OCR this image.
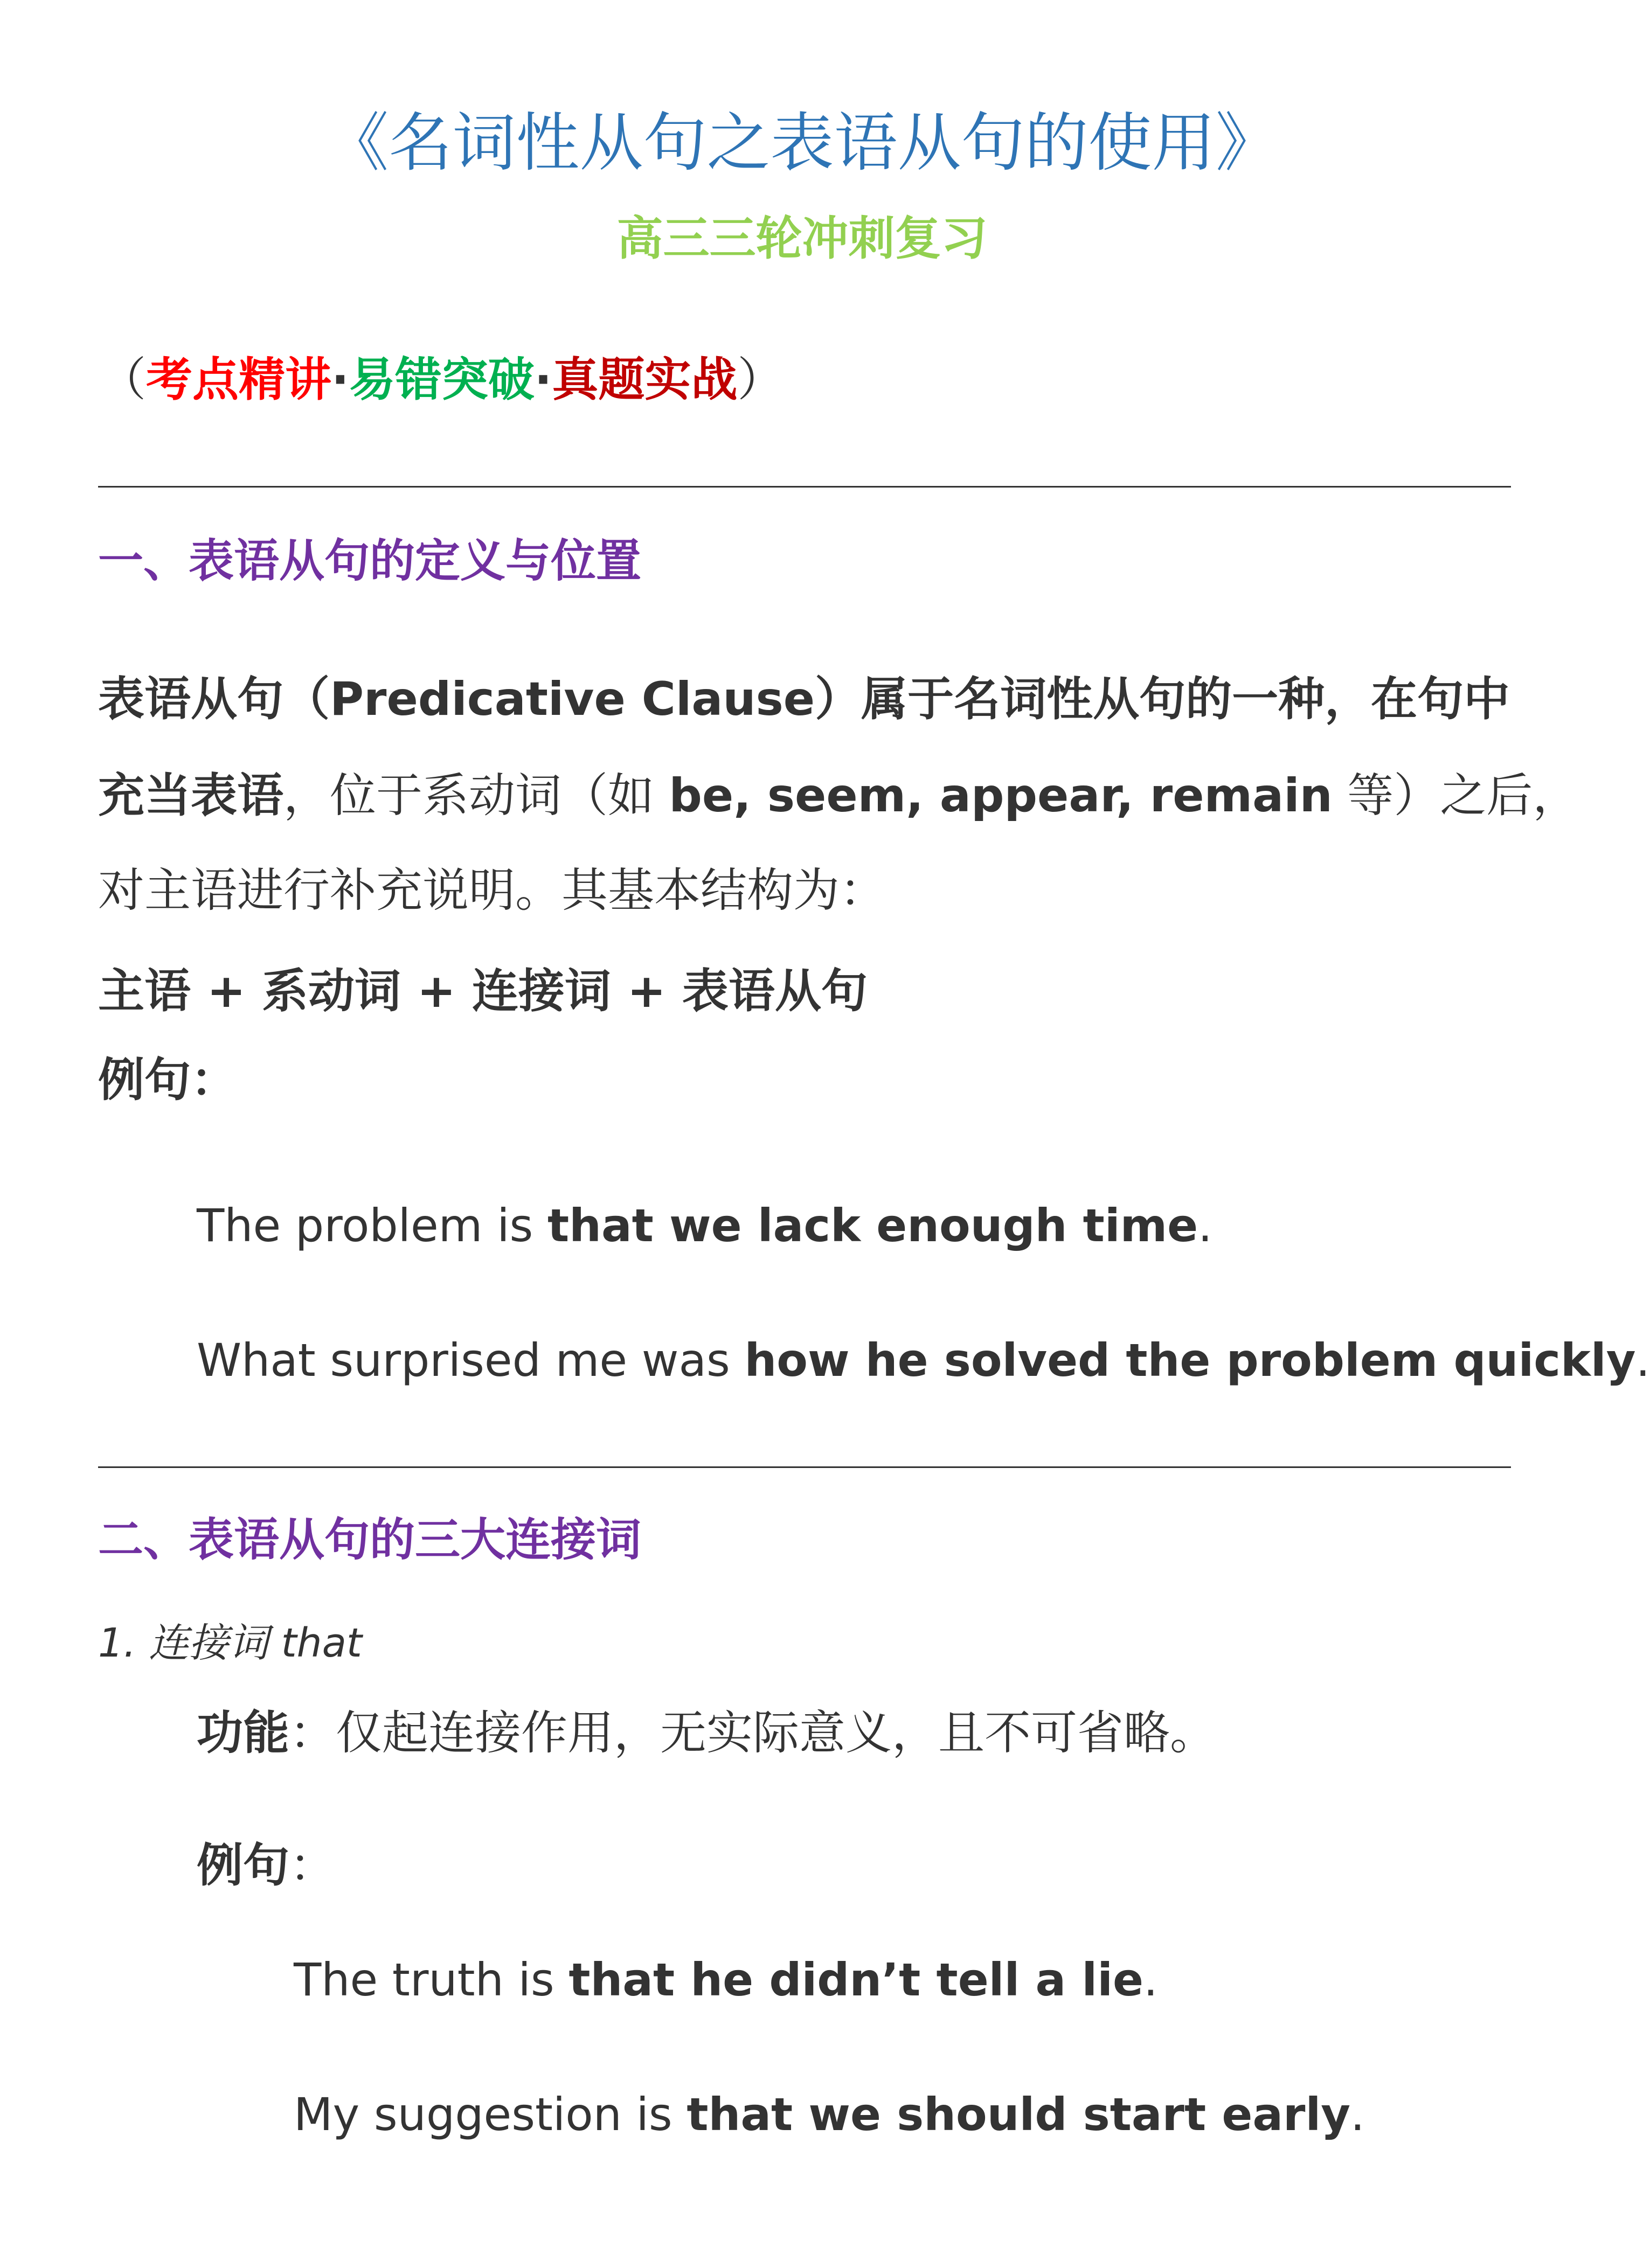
《名词性从句之表语从句的使用》
高三三轮冲刺复习
（考点精讲·易错突破·真题实战）
一、表语从句的定义与位置
表语从句（Predicative Clause）属于名词性从句的一种，在句中
充当表语，位于系动词（如 be, seem, appear, remain 等）之后，
对主语进行补充说明。其基本结构为：
主语 + 系动词 + 连接词 + 表语从句
例句：
The problem is that we lack enough time.
What surprised me was how he solved the problem quickly.
二、表语从句的三大连接词
1. 连接词 that
功能：仅起连接作用，无实际意义，且不可省略。
例句：
The truth is that he didn’t tell a lie.
My suggestion is that we should start early.
